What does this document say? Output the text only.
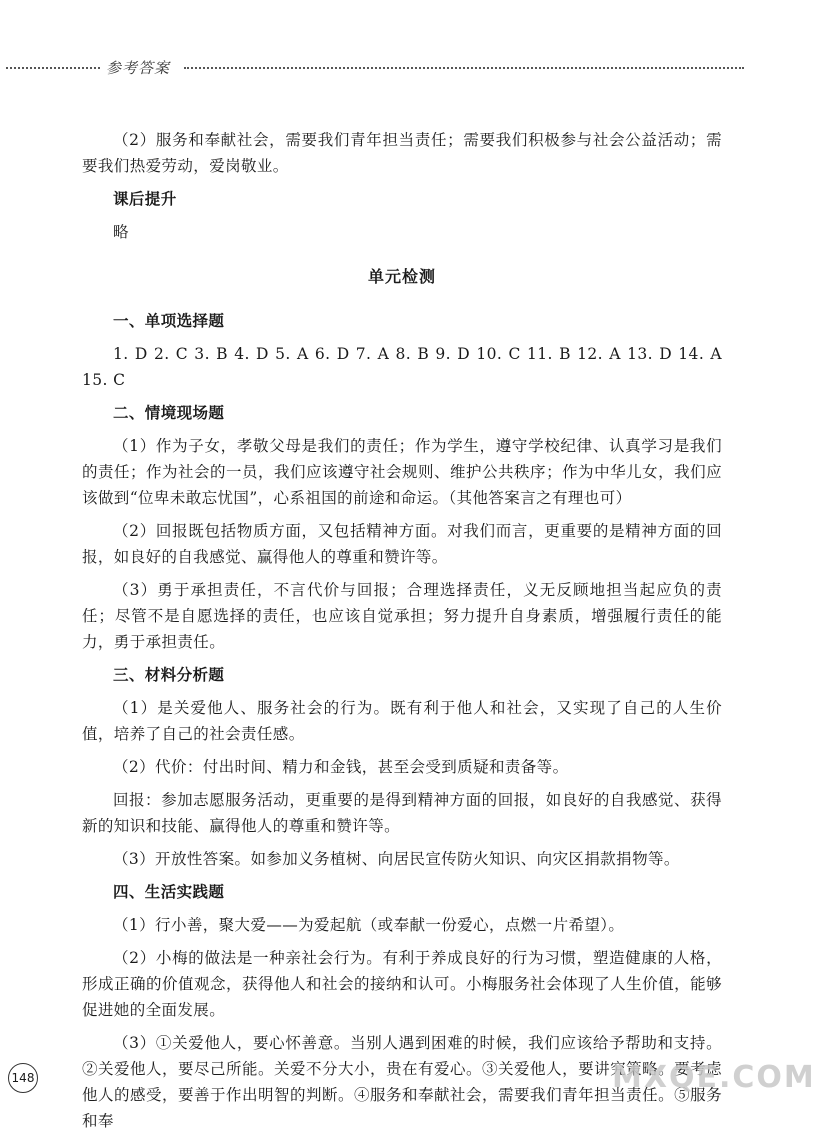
参考答案

（2）服务和奉献社会，需要我们青年担当责任；需要我们积极参与社会公益活动；需要我们热爱劳动，爱岗敬业。

课后提升

略

单元检测

一、单项选择题

1. D 2. C 3. B 4. D 5. A 6. D 7. A 8. B 9. D 10. C 11. B 12. A 13. D 14. A 15. C

二、情境现场题

（1）作为子女，孝敬父母是我们的责任；作为学生，遵守学校纪律、认真学习是我们的责任；作为社会的一员，我们应该遵守社会规则、维护公共秩序；作为中华儿女，我们应该做到“位卑未敢忘忧国”，心系祖国的前途和命运。（其他答案言之有理也可）

（2）回报既包括物质方面，又包括精神方面。对我们而言，更重要的是精神方面的回报，如良好的自我感觉、赢得他人的尊重和赞许等。

（3）勇于承担责任，不言代价与回报；合理选择责任，义无反顾地担当起应负的责任；尽管不是自愿选择的责任，也应该自觉承担；努力提升自身素质，增强履行责任的能力，勇于承担责任。

三、材料分析题

（1）是关爱他人、服务社会的行为。既有利于他人和社会，又实现了自己的人生价值，培养了自己的社会责任感。

（2）代价：付出时间、精力和金钱，甚至会受到质疑和责备等。

回报：参加志愿服务活动，更重要的是得到精神方面的回报，如良好的自我感觉、获得新的知识和技能、赢得他人的尊重和赞许等。

（3）开放性答案。如参加义务植树、向居民宣传防火知识、向灾区捐款捐物等。

四、生活实践题

（1）行小善，聚大爱——为爱起航（或奉献一份爱心，点燃一片希望）。

（2）小梅的做法是一种亲社会行为。有利于养成良好的行为习惯，塑造健康的人格，形成正确的价值观念，获得他人和社会的接纳和认可。小梅服务社会体现了人生价值，能够促进她的全面发展。

（3）①关爱他人，要心怀善意。当别人遇到困难的时候，我们应该给予帮助和支持。②关爱他人，要尽己所能。关爱不分大小，贵在有爱心。③关爱他人，要讲究策略。要考虑他人的感受，要善于作出明智的判断。④服务和奉献社会，需要我们青年担当责任。⑤服务和奉

148	MXQE.COM
